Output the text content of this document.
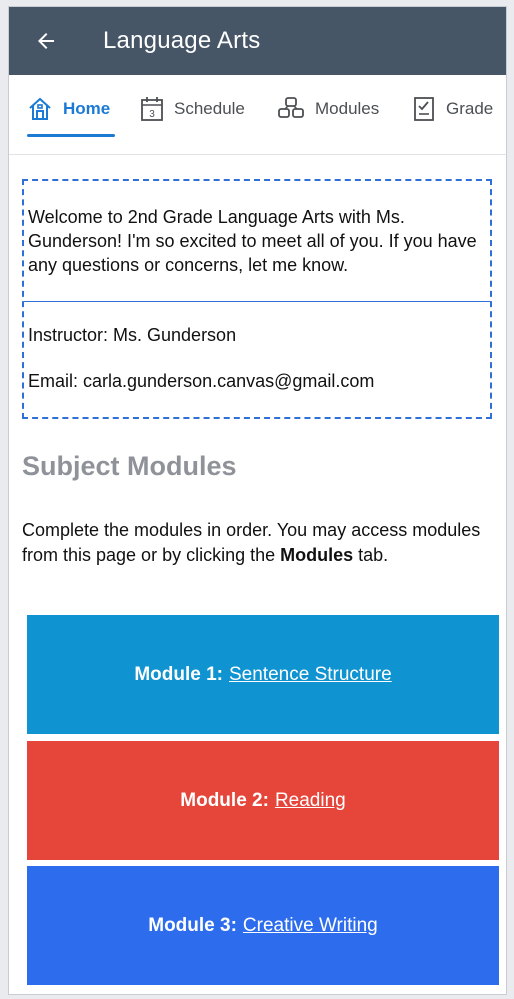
Language Arts
Home	3 Schedule	Modules	Grade
Welcome to 2nd Grade Language Arts with Ms. Gunderson! I'm so excited to meet all of you. If you have any questions or concerns, let me know.
Instructor: Ms. Gunderson
Email: carla.gunderson.canvas@gmail.com
Subject Modules
Complete the modules in order. You may access modules from this page or by clicking the Modules tab.
Module 1: Sentence Structure
Module 2: Reading
Module 3: Creative Writing
